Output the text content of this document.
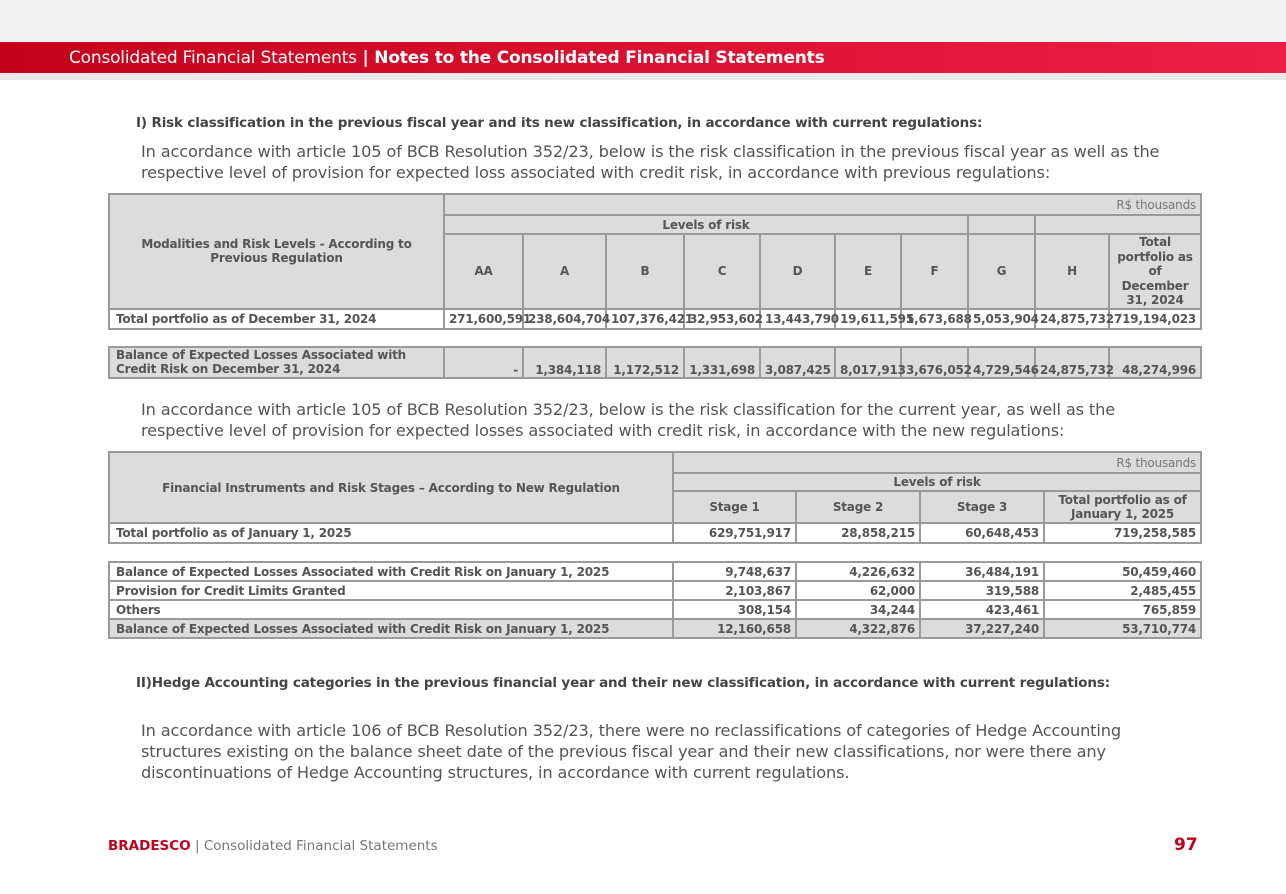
Consolidated Financial Statements | Notes to the Consolidated Financial Statements
I) Risk classification in the previous fiscal year and its new classification, in accordance with current regulations:
In accordance with article 105 of BCB Resolution 352/23, below is the risk classification in the previous fiscal year as well as the respective level of provision for expected loss associated with credit risk, in accordance with previous regulations:
Modalities and Risk Levels - According to Previous Regulation	R$ thousands									
	Levels of risk									
	AA	A	B	C	D	E	F	G	H	Total portfolio as of December 31, 2024
Total portfolio as of December 31, 2024	271,600,591	238,604,704	107,376,421	32,953,602	13,443,790	19,611,591	5,673,688	5,053,904	24,875,732	719,194,023

Balance of Expected Losses Associated with Credit Risk on December 31, 2024	-	1,384,118	1,172,512	1,331,698	3,087,425	8,017,913	3,676,052	4,729,546	24,875,732	48,274,996
In accordance with article 105 of BCB Resolution 352/23, below is the risk classification for the current year, as well as the respective level of provision for expected losses associated with credit risk, in accordance with the new regulations:
Financial Instruments and Risk Stages – According to New Regulation	R$ thousands			
	Levels of risk			
	Stage 1	Stage 2	Stage 3	Total portfolio as of January 1, 2025
Total portfolio as of January 1, 2025	629,751,917	28,858,215	60,648,453	719,258,585

Balance of Expected Losses Associated with Credit Risk on January 1, 2025	9,748,637	4,226,632	36,484,191	50,459,460
Provision for Credit Limits Granted	2,103,867	62,000	319,588	2,485,455
Others	308,154	34,244	423,461	765,859
Balance of Expected Losses Associated with Credit Risk on January 1, 2025	12,160,658	4,322,876	37,227,240	53,710,774
II)Hedge Accounting categories in the previous financial year and their new classification, in accordance with current regulations:
In accordance with article 106 of BCB Resolution 352/23, there were no reclassifications of categories of Hedge Accounting structures existing on the balance sheet date of the previous fiscal year and their new classifications, nor were there any discontinuations of Hedge Accounting structures, in accordance with current regulations.
BRADESCO | Consolidated Financial Statements	97
